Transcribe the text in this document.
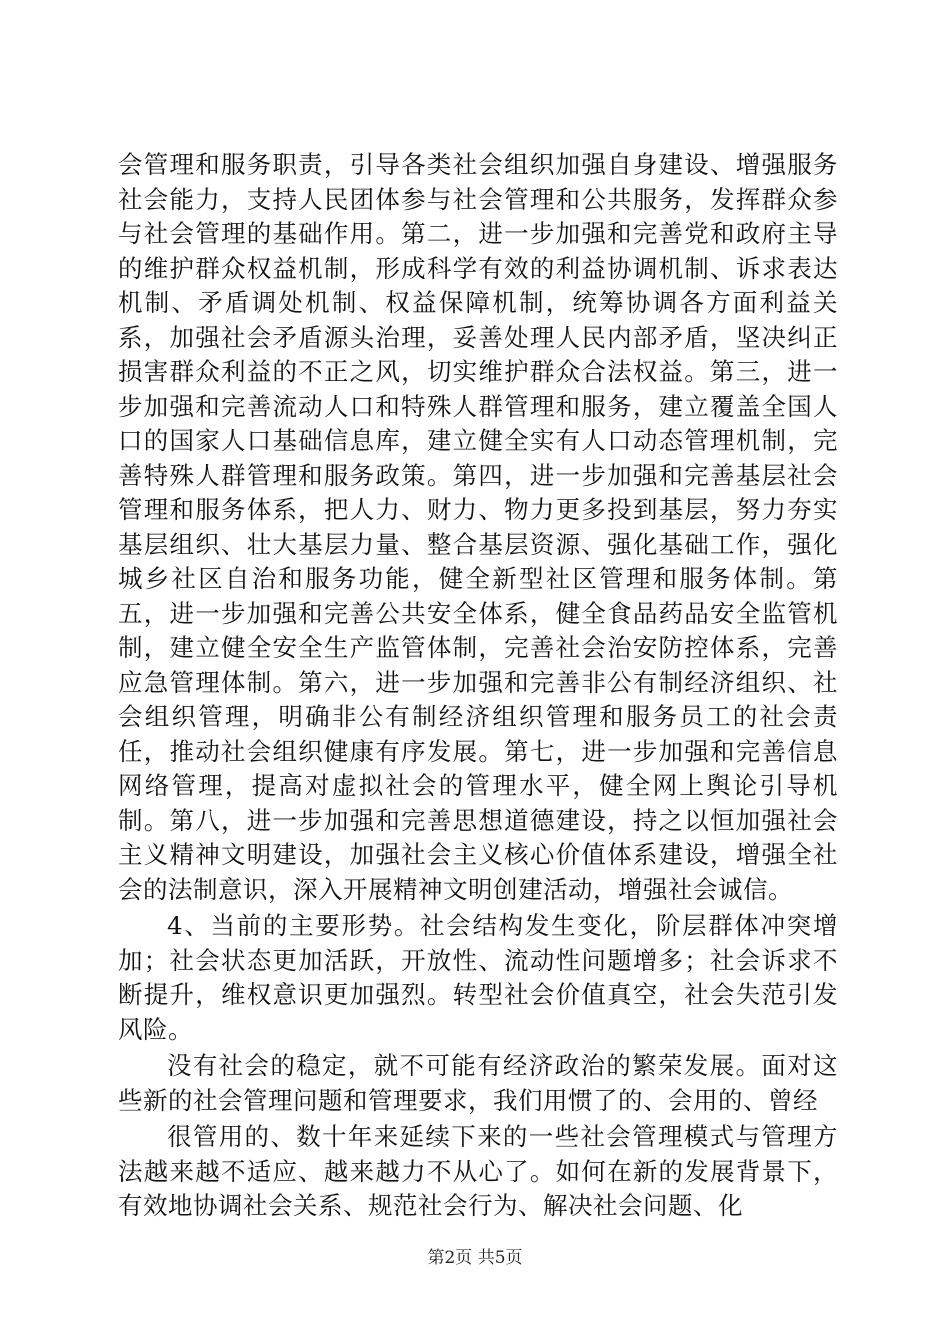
会管理和服务职责，引导各类社会组织加强自身建设、增强服务社会能力，支持人民团体参与社会管理和公共服务，发挥群众参与社会管理的基础作用。第二，进一步加强和完善党和政府主导的维护群众权益机制，形成科学有效的利益协调机制、诉求表达机制、矛盾调处机制、权益保障机制，统筹协调各方面利益关系，加强社会矛盾源头治理，妥善处理人民内部矛盾，坚决纠正损害群众利益的不正之风，切实维护群众合法权益。第三，进一步加强和完善流动人口和特殊人群管理和服务，建立覆盖全国人口的国家人口基础信息库，建立健全实有人口动态管理机制，完善特殊人群管理和服务政策。第四，进一步加强和完善基层社会管理和服务体系，把人力、财力、物力更多投到基层，努力夯实基层组织、壮大基层力量、整合基层资源、强化基础工作，强化城乡社区自治和服务功能，健全新型社区管理和服务体制。第五，进一步加强和完善公共安全体系，健全食品药品安全监管机制，建立健全安全生产监管体制，完善社会治安防控体系，完善应急管理体制。第六，进一步加强和完善非公有制经济组织、社会组织管理，明确非公有制经济组织管理和服务员工的社会责任，推动社会组织健康有序发展。第七，进一步加强和完善信息网络管理，提高对虚拟社会的管理水平，健全网上舆论引导机制。第八，进一步加强和完善思想道德建设，持之以恒加强社会主义精神文明建设，加强社会主义核心价值体系建设，增强全社会的法制意识，深入开展精神文明创建活动，增强社会诚信。

4、当前的主要形势。社会结构发生变化，阶层群体冲突增加；社会状态更加活跃，开放性、流动性问题增多；社会诉求不断提升，维权意识更加强烈。转型社会价值真空，社会失范引发风险。

没有社会的稳定，就不可能有经济政治的繁荣发展。面对这些新的社会管理问题和管理要求，我们用惯了的、会用的、曾经

很管用的、数十年来延续下来的一些社会管理模式与管理方法越来越不适应、越来越力不从心了。如何在新的发展背景下，有效地协调社会关系、规范社会行为、解决社会问题、化

第2页 共5页
